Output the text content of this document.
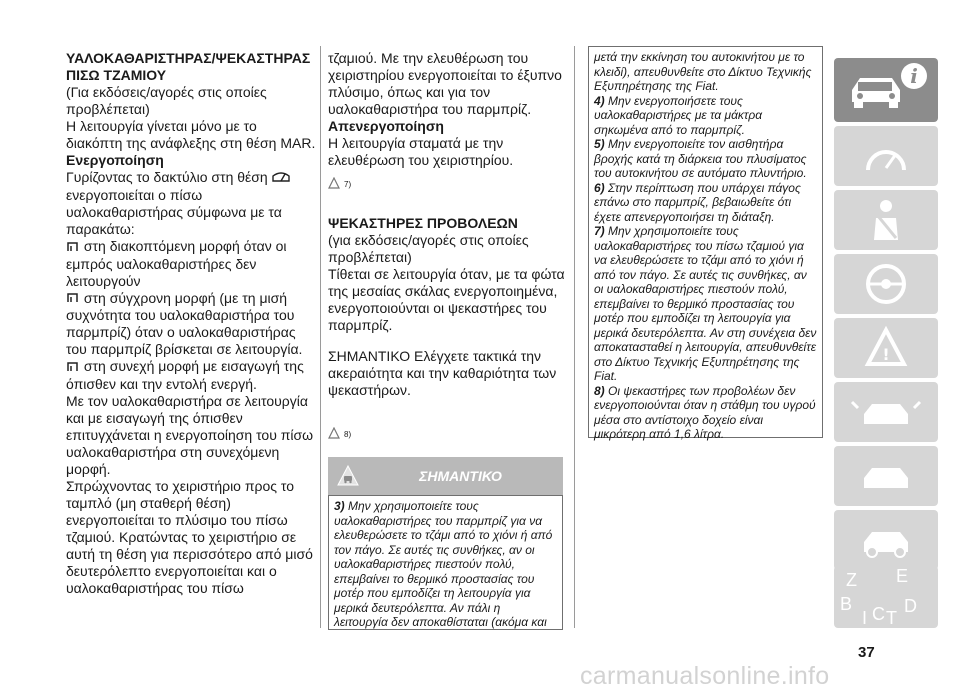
ΥΑΛΟΚΑΘΑΡΙΣΤΗΡΑΣ/ΨΕΚΑΣΤΗΡΑΣ ΠΙΣΩ ΤΖΑΜΙΟΥ

(Για εκδόσεις/αγορές στις οποίες προβλέπεται)

Η λειτουργία γίνεται μόνο με το διακόπτη της ανάφλεξης στη θέση MAR.

Ενεργοποίηση

Γυρίζοντας το δακτύλιο στη θέση  ενεργοποιείται ο πίσω υαλοκαθαριστήρας σύμφωνα με τα παρακάτω:

στη διακοπτόμενη μορφή όταν οι εμπρός υαλοκαθαριστήρες δεν λειτουργούν

στη σύγχρονη μορφή (με τη μισή συχνότητα του υαλοκαθαριστήρα του παρμπρίζ) όταν ο υαλοκαθαριστήρας του παρμπρίζ βρίσκεται σε λειτουργία.

στη συνεχή μορφή με εισαγωγή της όπισθεν και την εντολή ενεργή.

Με τον υαλοκαθαριστήρα σε λειτουργία και με εισαγωγή της όπισθεν επιτυγχάνεται η ενεργοποίηση του πίσω υαλοκαθαριστήρα στη συνεχόμενη μορφή.

Σπρώχνοντας το χειριστήριο προς το ταμπλό (μη σταθερή θέση) ενεργοποιείται το πλύσιμο του πίσω τζαμιού. Κρατώντας το χειριστήριο σε αυτή τη θέση για περισσότερο από μισό δευτερόλεπτο ενεργοποιείται και ο υαλοκαθαριστήρας του πίσω

τζαμιού. Με την ελευθέρωση του χειριστηρίου ενεργοποιείται το έξυπνο πλύσιμο, όπως και για τον υαλοκαθαριστήρα του παρμπρίζ.

Απενεργοποίηση

Η λειτουργία σταματά με την ελευθέρωση του χειριστηρίου.

7)

ΨΕΚΑΣΤΗΡΕΣ ΠΡΟΒΟΛΕΩΝ

(για εκδόσεις/αγορές στις οποίες προβλέπεται)

Τίθεται σε λειτουργία όταν, με τα φώτα της μεσαίας σκάλας ενεργοποιημένα, ενεργοποιούνται οι ψεκαστήρες του παρμπρίζ.

ΣΗΜΑΝΤΙΚΟ Ελέγχετε τακτικά την ακεραιότητα και την καθαριότητα των ψεκαστήρων.

8)
ΣΗΜΑΝΤΙΚΟ

3) Μην χρησιμοποιείτε τους υαλοκαθαριστήρες του παρμπρίζ για να ελευθερώσετε το τζάμι από το χιόνι ή από τον πάγο. Σε αυτές τις συνθήκες, αν οι υαλοκαθαριστήρες πιεστούν πολύ, επεμβαίνει το θερμικό προστασίας του μοτέρ που εμποδίζει τη λειτουργία για μερικά δευτερόλεπτα. Αν πάλι η λειτουργία δεν αποκαθίσταται (ακόμα και

μετά την εκκίνηση του αυτοκινήτου με το κλειδί), απευθυνθείτε στο Δίκτυο Τεχνικής Εξυπηρέτησης της Fiat.

4) Μην ενεργοποιήσετε τους υαλοκαθαριστήρες με τα μάκτρα σηκωμένα από το παρμπρίζ.

5) Μην ενεργοποιείτε τον αισθητήρα βροχής κατά τη διάρκεια του πλυσίματος του αυτοκινήτου σε αυτόματο πλυντήριο.

6) Στην περίπτωση που υπάρχει πάγος επάνω στο παρμπρίζ, βεβαιωθείτε ότι έχετε απενεργοποιήσει τη διάταξη.

7) Μην χρησιμοποιείτε τους υαλοκαθαριστήρες του πίσω τζαμιού για να ελευθερώσετε το τζάμι από το χιόνι ή από τον πάγο. Σε αυτές τις συνθήκες, αν οι υαλοκαθαριστήρες πιεστούν πολύ, επεμβαίνει το θερμικό προστασίας του μοτέρ που εμποδίζει τη λειτουργία για μερικά δευτερόλεπτα. Αν στη συνέχεια δεν αποκατασταθεί η λειτουργία, απευθυνθείτε στο Δίκτυο Τεχνικής Εξυπηρέτησης της Fiat.

8) Οι ψεκαστήρες των προβολέων δεν ενεργοποιούνται όταν η στάθμη του υγρού μέσα στο αντίστοιχο δοχείο είναι μικρότερη από 1,6 λίτρα.

i
!
Z E
B C T
D
I
37
carmanualsonline.info
